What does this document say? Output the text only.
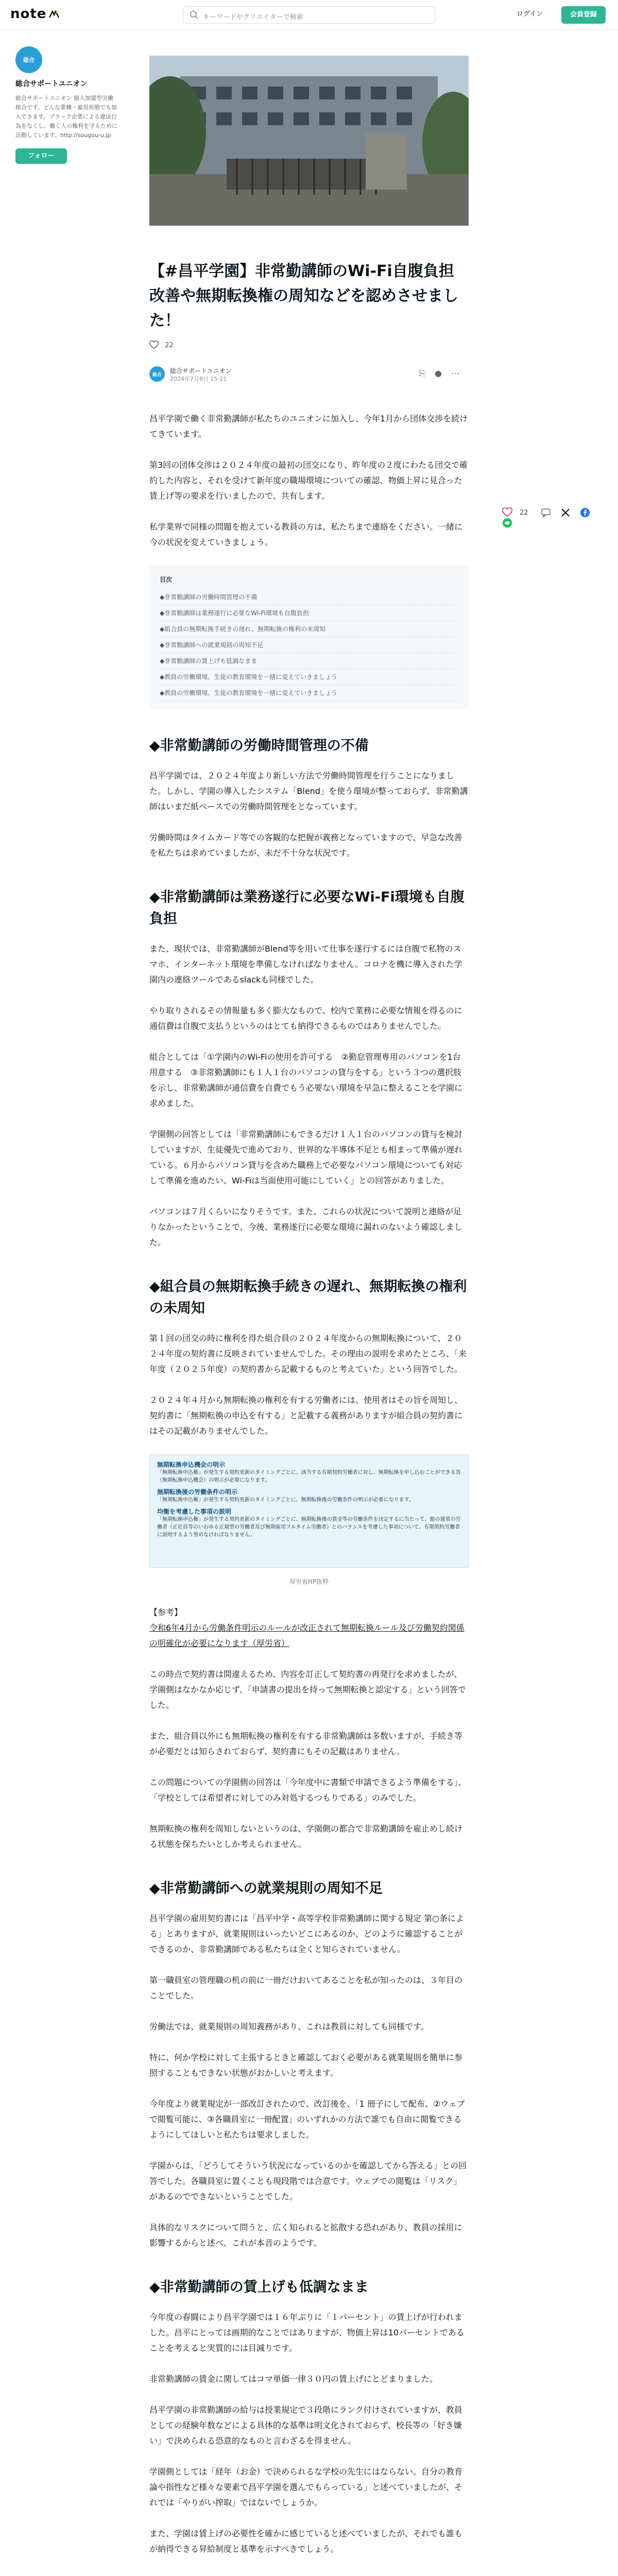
note	キーワードやクリエイターで検索	ログイン	会員登録
総合
総合サポートユニオン
総合サポートユニオン 個人加盟型労働組合です。どんな業種・雇用形態でも加入できます。ブラック企業による違法行為をなくし、働く人の権利を守るために活動しています。http://sougou-u.jp
フォロー
22
【#昌平学園】非常勤講師のWi-Fi自腹負担改善や無期転換権の周知などを認めさせました！
22
総合
総合サポートユニオン
2024年7月8日 15:21
⎘●⋯

昌平学園で働く非常勤講師が私たちのユニオンに加入し、今年1月から団体交渉を続けてきています。

第3回の団体交渉は２０２４年度の最初の団交になり、昨年度の２度にわたる団交で確約した内容と、それを受けて新年度の職場環境についての確認、物価上昇に見合った賃上げ等の要求を行いましたので、共有します。

私学業界で同様の問題を抱えている教員の方は、私たちまで連絡をください。一緒に今の状況を変えていきましょう。

目次
◆非常勤講師の労働時間管理の不備
◆非常勤講師は業務遂行に必要なWi-Fi環境も自腹負担
◆組合員の無期転換手続きの遅れ、無期転換の権利の未周知
◆非常勤講師への就業規則の周知不足
◆非常勤講師の賃上げも低調なまま
◆教員の労働環境、生徒の教育環境を一緒に変えていきましょう
◆教員の労働環境、生徒の教育環境を一緒に変えていきましょう
◆非常勤講師の労働時間管理の不備

昌平学園では、２０２４年度より新しい方法で労働時間管理を行うことになりました。しかし、学園の導入したシステム「Blend」を使う環境が整っておらず、非常勤講師はいまだ紙ベースでの労働時間管理をとなっています。

労働時間はタイムカード等での客観的な把握が義務となっていますので、早急な改善を私たちは求めていましたが、未だ不十分な状況です。

◆非常勤講師は業務遂行に必要なWi-Fi環境も自腹負担

また、現状では、非常勤講師がBlend等を用いて仕事を遂行するには自腹で私物のスマホ、インターネット環境を準備しなければなりません。コロナを機に導入された学園内の連絡ツールであるslackも同様でした。

やり取りされるその情報量も多く膨大なもので、校内で業務に必要な情報を得るのに通信費は自腹で支払うというのはとても納得できるものではありませんでした。

組合としては「①学園内のWi-Fiの使用を許可する　②勤怠管理専用のパソコンを1台用意する　③非常勤講師にも１人１台のパソコンの貸与をする」という３つの選択肢を示し、非常勤講師が通信費を自費でもう必要ない環境を早急に整えることを学園に求めました。

学園側の回答としては「非常勤講師にもできるだけ１人１台のパソコンの貸与を検討していますが、生徒優先で進めており、世界的な半導体不足とも相まって準備が遅れている。６月からパソコン貸与を含めた職務上で必要なパソコン環境についても対応して準備を進めたい、Wi-Fiは当面使用可能にしていく」との回答がありました。

パソコンは７月くらいになりそうです。また、これらの状況について説明と連絡が足りなかったということで、今後、業務遂行に必要な環境に漏れのないよう確認しました。

◆組合員の無期転換手続きの遅れ、無期転換の権利の未周知

第１回の団交の時に権利を得た組合員の２０２４年度からの無期転換について、２０２４年度の契約書に反映されていませんでした。その理由の説明を求めたところ、「来年度（２０２５年度）の契約書から記載するものと考えていた」という回答でした。

２０２４年４月から無期転換の権利を有する労働者には、使用者はその旨を周知し、契約書に「無期転換の申込を有する」と記載する義務がありますが組合員の契約書にはその記載がありませんでした。

無期転換申込機会の明示
「無期転換申込権」が発生する契約更新のタイミングごとに、該当する有期契約労働者に対し、無期転換を申し込むことができる旨（無期転換申込機会）の明示が必要になります。
無期転換後の労働条件の明示
「無期転換申込権」が発生する契約更新のタイミングごとに、無期転換後の労働条件の明示が必要になります。
均衡を考慮した事項の説明
「無期転換申込権」が発生する契約更新のタイミングごとに、無期転換後の賃金等の労働条件を決定するに当たって、他の通常の労働者（正社員等のいわゆる正規型の労働者及び無期雇用フルタイム労働者）とのバランスを考慮した事項について、有期契約労働者に説明するよう努めなければなりません。
厚労省HP抜粋

【参考】

令和6年4月から労働条件明示のルールが改正されて無期転換ルール及び労働契約関係の明確化が必要になります（厚労省）

この時点で契約書は間違えるため、内容を訂正して契約書の再発行を求めましたが、学園側はなかなか応じず、「申請書の提出を持って無期転換と認定する」という回答でした。

また、組合員以外にも無期転換の権利を有する非常勤講師は多数いますが、手続き等が必要だとは知らされておらず、契約書にもその記載はありません。

この問題についての学園側の回答は「今年度中に書類で申請できるよう準備をする」、「学校としては希望者に対してのみ対処するつもりである」のみでした。

無期転換の権利を周知しないというのは、学園側の都合で非常勤講師を雇止めし続ける状態を保ちたいとしか考えられません。

◆非常勤講師への就業規則の周知不足

昌平学園の雇用契約書には「昌平中学・高等学校非常勤講師に関する規定 第○条による」とありますが、就業規則はいったいどこにあるのか、どのように確認することができるのか、非常勤講師である私たちは全くと知らされていません。

第一職員室の管理職の机の前に一冊だけおいてあることを私が知ったのは、３年目のことでした。

労働法では、就業規則の周知義務があり、これは教員に対しても同様です。

特に、何か学校に対して主張するときと確認しておく必要がある就業規則を簡単に参照することもできない状態がおかしいと考えます。

今年度より就業規定が一部改訂されたので、改訂後を、「1 冊子にして配布、②ウェブで閲覧可能に、③各職員室に一冊配置」のいずれかの方法で誰でも自由に閲覧できるようにしてほしいと私たちは要求しました。

学園からは、「どうしてそういう状況になっているのかを確認してから答える」との回答でした。各職員室に置くことも現段階では合意です。ウェブでの閲覧は「リスク」があるのでできないということでした。

具体的なリスクについて問うと、広く知られると拡散する恐れがあり、教員の採用に影響するからと述べ、これが本音のようです。

◆非常勤講師の賃上げも低調なまま

今年度の春闘により昌平学園では１６年ぶりに「１パーセント」の賃上げが行われました。昌平にとっては画期的なことではありますが、物価上昇は10パーセントであることを考えると実質的には目減りです。

非常勤講師の賃金に関してはコマ単価一律３０円の賃上げにとどまりました。

昌平学園の非常勤講師の給与は授業規定で３段階にランク付けされていますが、教員としての経験年数などによる具体的な基準は明文化されておらず、校長等の「好き嫌い」で決められる恐意的なものと言わざるを得ません。

学園側としては「経年（お金）で決められるな学校の先生にはならない。自分の教育論や指性など様々な要素で昌平学園を選んでもらっている」と述べていましたが、それでは「やりがい搾取」ではないでしょうか。

また、学園は賃上げの必要性を確かに感じていると述べていましたが、それでも誰もが納得できる昇給制度と基準を示すべきでしょう。
